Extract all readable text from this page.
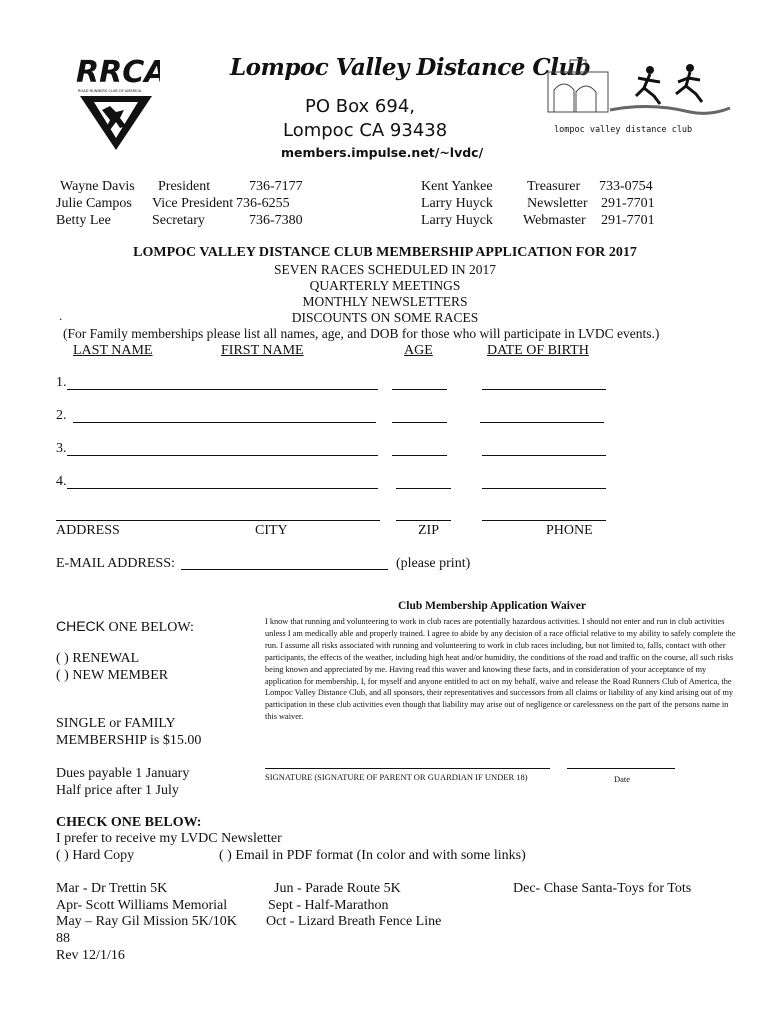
RRCA
ROAD RUNNERS CLUB OF AMERICA
Lompoc Valley Distance Club
PO Box 694,
Lompoc CA 93438
members.impulse.net/~lvdc/
lompoc valley distance club
Wayne Davis President	736-7177
Julie Campos Vice President 736-6255
Betty Lee	Secretary	736-7380
Kent Yankee Treasurer 733-0754
Larry Huyck Newsletter 291-7701
Larry Huyck Webmaster 291-7701
LOMPOC VALLEY DISTANCE CLUB MEMBERSHIP APPLICATION FOR 2017
SEVEN RACES SCHEDULED IN 2017
QUARTERLY MEETINGS
MONTHLY NEWSLETTERS
DISCOUNTS ON SOME RACES
.
(For Family memberships please list all names, age, and DOB for those who will participate in LVDC events.)
LAST NAME	FIRST NAME	AGE	DATE OF BIRTH
1.
2.
3.
4.
ADDRESS	CITY	ZIP	PHONE
E-MAIL ADDRESS:	(please print)
CHECK ONE BELOW:
( ) RENEWAL
( ) NEW MEMBER
SINGLE or FAMILY
MEMBERSHIP is $15.00
Dues payable 1 January
Half price after 1 July
Club Membership Application Waiver
I know that running and volunteering to work in club races are potentially hazardous activities. I should not enter and run in club activities unless I am medically able and properly trained. I agree to abide by any decision of a race official relative to my ability to safely complete the run. I assume all risks associated with running and volunteering to work in club races including, but not limited to, falls, contact with other participants, the effects of the weather, including high heat and/or humidity, the conditions of the road and traffic on the course, all such risks being known and appreciated by me. Having read this waver and knowing these facts, and in consideration of your acceptance of my application for membership, I, for myself and anyone entitled to act on my behalf, waive and release the Road Runners Club of America, the Lompoc Valley Distance Club, and all sponsors, their representatives and successors from all claims or liability of any kind arising out of my participation in these club activities even though that liability may arise out of negligence or carelessness on the part of the persons name in this waiver.
SIGNATURE (SIGNATURE OF PARENT OR GUARDIAN IF UNDER 18)	Date
CHECK ONE BELOW:
I prefer to receive my LVDC Newsletter
( ) Hard Copy	( ) Email in PDF format (In color and with some links)
Mar - Dr Trettin 5K
Apr- Scott Williams Memorial
May – Ray Gil Mission 5K/10K
Jun - Parade Route 5K
Sept - Half-Marathon
Oct - Lizard Breath Fence Line
Dec- Chase Santa-Toys for Tots
88
Rev 12/1/16
